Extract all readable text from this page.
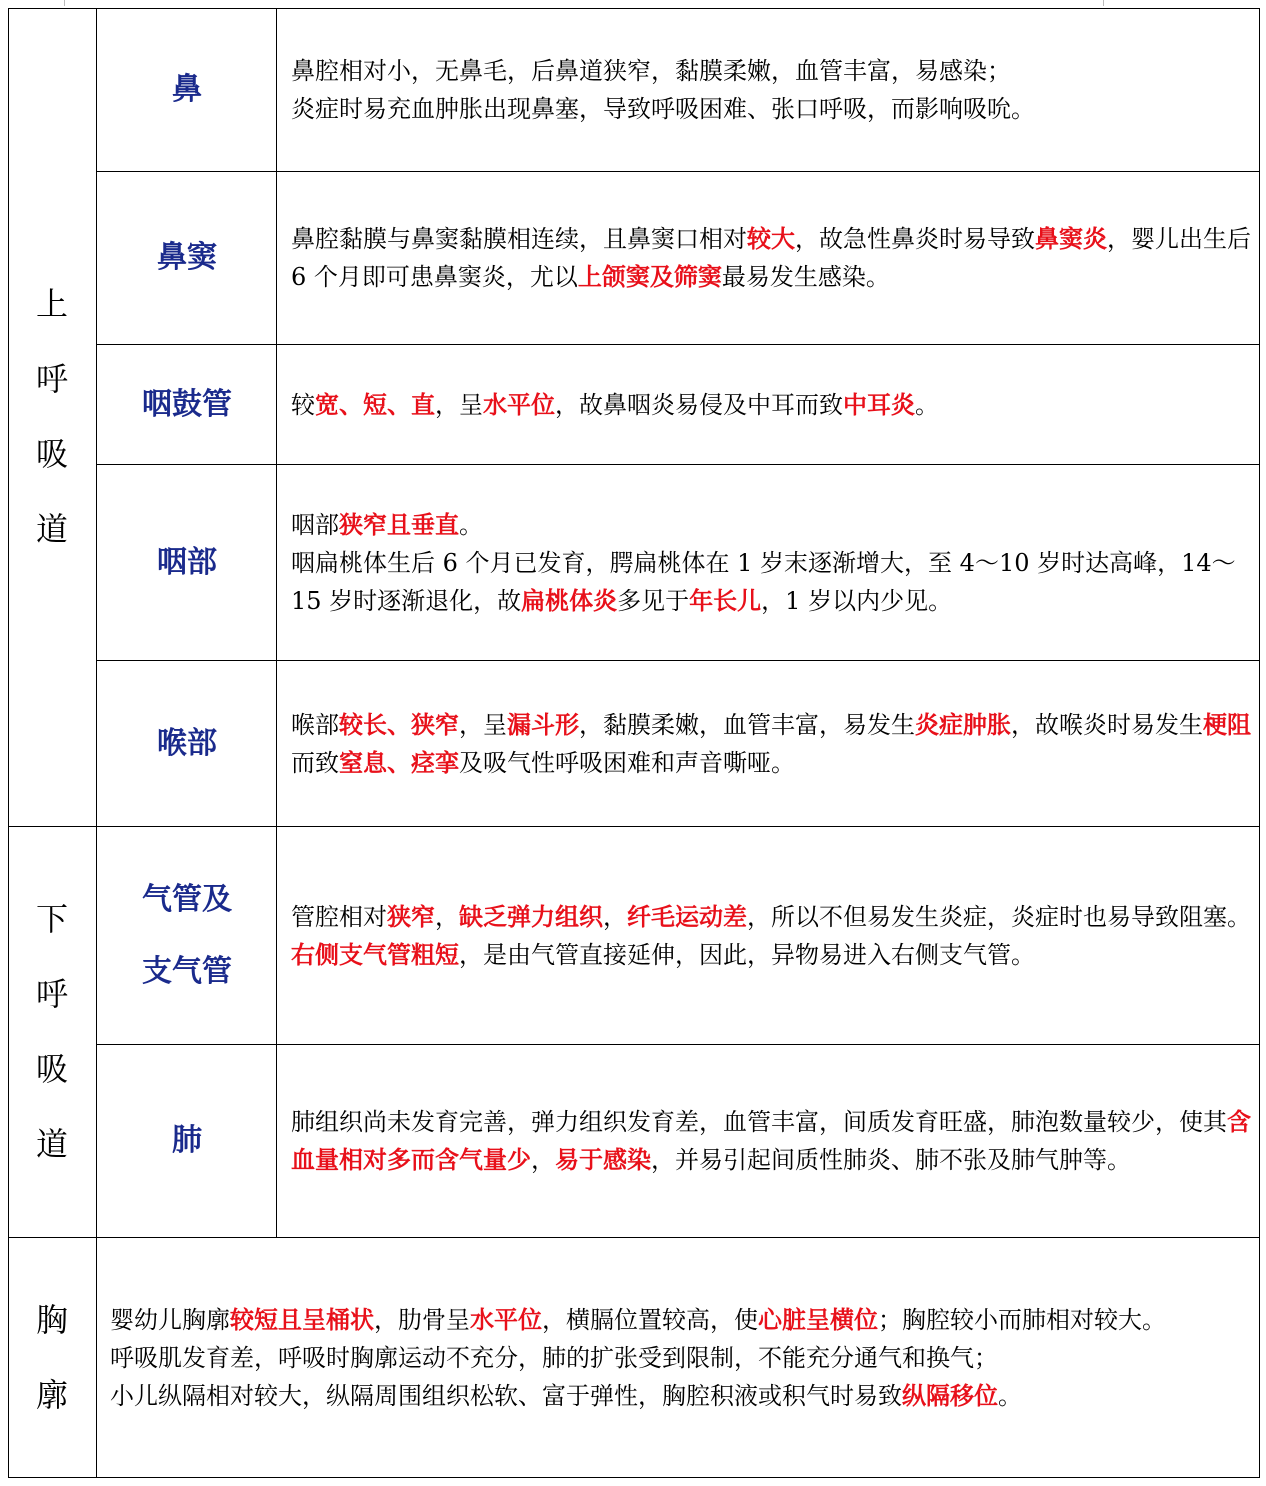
上
呼
吸
道
下
呼
吸
道
胸
廓
鼻
鼻窦
咽鼓管
咽部
喉部
气管及
支气管
肺

鼻腔相对小，无鼻毛，后鼻道狭窄，黏膜柔嫩，血管丰富，易感染；

炎症时易充血肿胀出现鼻塞，导致呼吸困难、张口呼吸，而影响吸吮。

鼻腔黏膜与鼻窦黏膜相连续，且鼻窦口相对较大，故急性鼻炎时易导致鼻窦炎，婴儿出生后 6 个月即可患鼻窦炎，尤以上颌窦及筛窦最易发生感染。

较宽、短、直，呈水平位，故鼻咽炎易侵及中耳而致中耳炎。

咽部狭窄且垂直。

咽扁桃体生后 6 个月已发育，腭扁桃体在 1 岁末逐渐增大，至 4～10 岁时达高峰，14～15 岁时逐渐退化，故扁桃体炎多见于年长儿，1 岁以内少见。

喉部较长、狭窄，呈漏斗形，黏膜柔嫩，血管丰富，易发生炎症肿胀，故喉炎时易发生梗阻而致窒息、痉挛及吸气性呼吸困难和声音嘶哑。

管腔相对狭窄，缺乏弹力组织，纤毛运动差，所以不但易发生炎症，炎症时也易导致阻塞。

右侧支气管粗短，是由气管直接延伸，因此，异物易进入右侧支气管。

肺组织尚未发育完善，弹力组织发育差，血管丰富，间质发育旺盛，肺泡数量较少，使其含血量相对多而含气量少，易于感染，并易引起间质性肺炎、肺不张及肺气肿等。

婴幼儿胸廓较短且呈桶状，肋骨呈水平位，横膈位置较高，使心脏呈横位；胸腔较小而肺相对较大。

呼吸肌发育差，呼吸时胸廓运动不充分，肺的扩张受到限制，不能充分通气和换气；

小儿纵隔相对较大，纵隔周围组织松软、富于弹性，胸腔积液或积气时易致纵隔移位。
